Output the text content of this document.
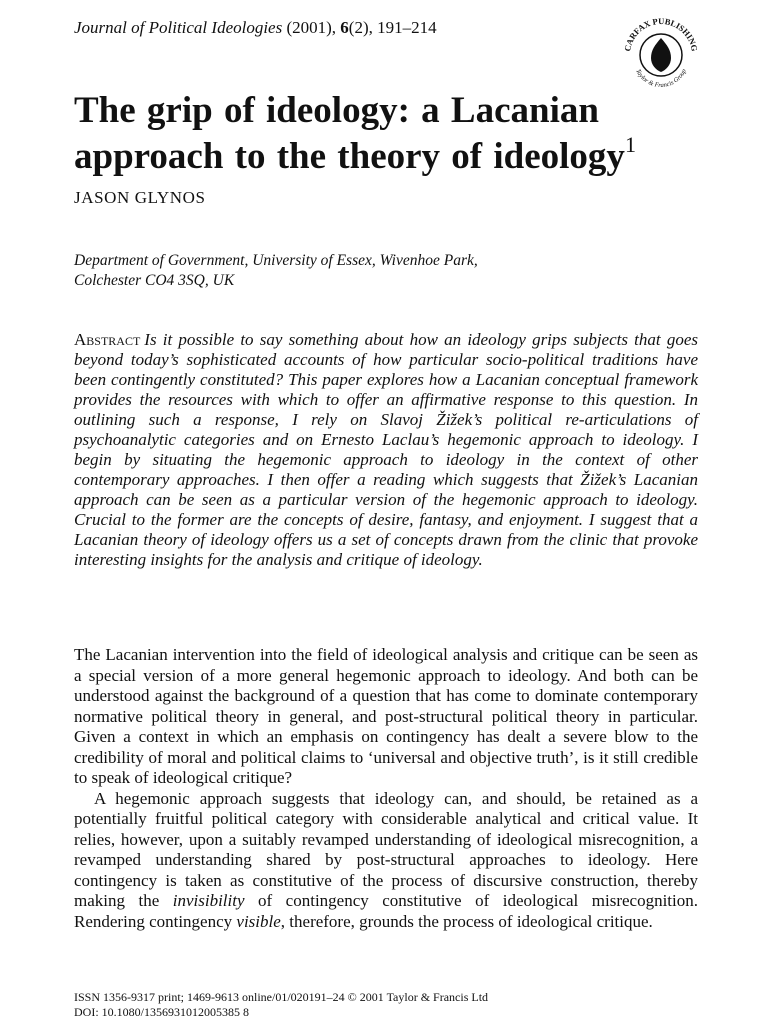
Journal of Political Ideologies (2001), 6(2), 191–214
CARFAX PUBLISHING
Taylor & Francis Group
The grip of ideology: a Lacanian
approach to the theory of ideology$^1$
JASON GLYNOS
Department of Government, University of Essex, Wivenhoe Park,
Colchester CO4 3SQ, UK
Abstract Is it possible to say something about how an ideology grips subjects that goes beyond today’s sophisticated accounts of how particular socio-political traditions have been contingently constituted? This paper explores how a Lacanian conceptual framework provides the resources with which to offer an affirmative response to this question. In outlining such a response, I rely on Slavoj Žižek’s political re-articulations of psychoanalytic categories and on Ernesto Laclau’s hegemonic approach to ideology. I begin by situating the hegemonic approach to ideology in the context of other contemporary approaches. I then offer a reading which suggests that Žižek’s Lacanian approach can be seen as a particular version of the hegemonic approach to ideology. Crucial to the former are the concepts of desire, fantasy, and enjoyment. I suggest that a Lacanian theory of ideology offers us a set of concepts drawn from the clinic that provoke interesting insights for the analysis and critique of ideology.

The Lacanian intervention into the field of ideological analysis and critique can be seen as a special version of a more general hegemonic approach to ideology. And both can be understood against the background of a question that has come to dominate contemporary normative political theory in general, and post-structural political theory in particular. Given a context in which an emphasis on contingency has dealt a severe blow to the credibility of moral and political claims to ‘universal and objective truth’, is it still credible to speak of ideological critique?

A hegemonic approach suggests that ideology can, and should, be retained as a potentially fruitful political category with considerable analytical and critical value. It relies, however, upon a suitably revamped understanding of ideological misrecognition, a revamped understanding shared by post-structural approaches to ideology. Here contingency is taken as constitutive of the process of discursive construction, thereby making the invisibility of contingency constitutive of ideological misrecognition. Rendering contingency visible, therefore, grounds the process of ideological critique.

ISSN 1356-9317 print; 1469-9613 online/01/020191–24 © 2001 Taylor & Francis Ltd
DOI: 10.1080/1356931012005385 8
